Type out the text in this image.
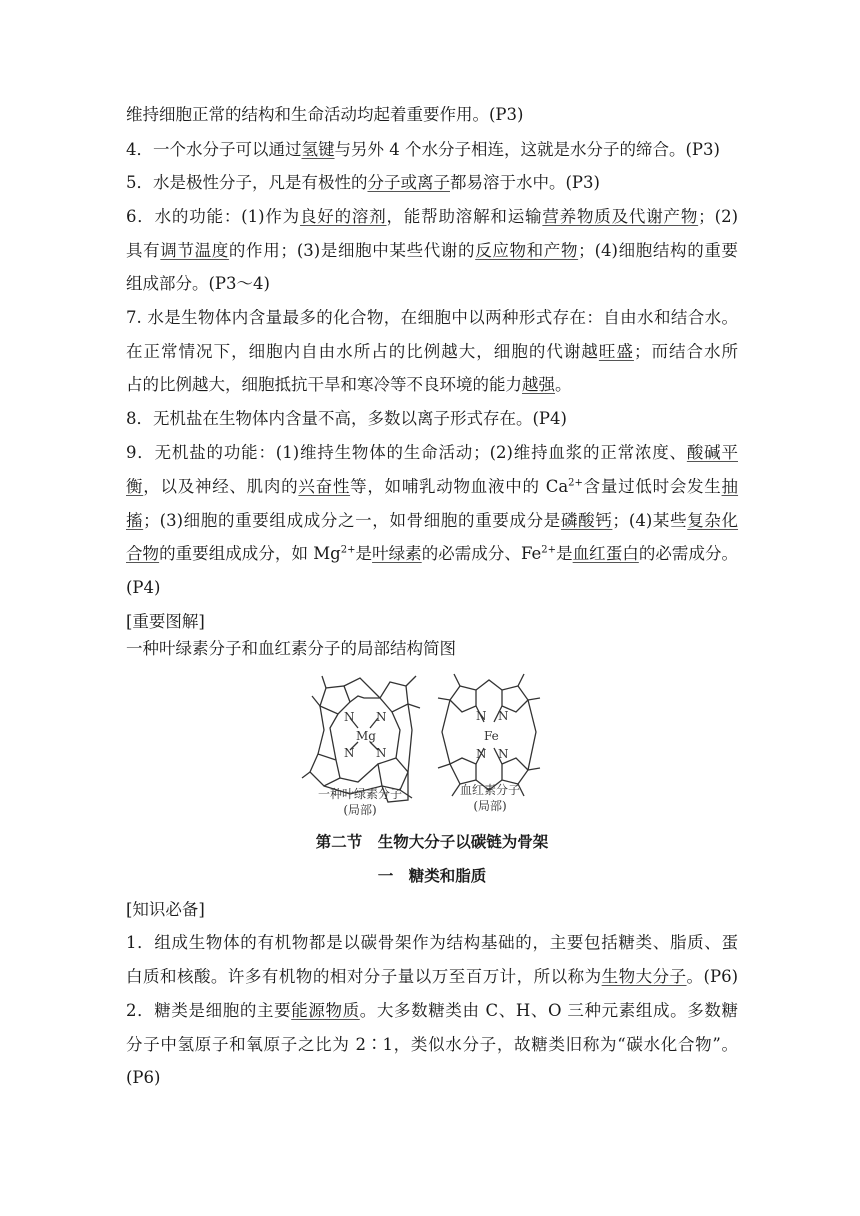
维持细胞正常的结构和生命活动均起着重要作用。(P3)
4．一个水分子可以通过氢键与另外 4 个水分子相连，这就是水分子的缔合。(P3)
5．水是极性分子，凡是有极性的分子或离子都易溶于水中。(P3)
6．水的功能：(1)作为良好的溶剂，能帮助溶解和运输营养物质及代谢产物；(2)
具有调节温度的作用；(3)是细胞中某些代谢的反应物和产物；(4)细胞结构的重要
组成部分。(P3～4)
7. 水是生物体内含量最多的化合物，在细胞中以两种形式存在：自由水和结合水。
在正常情况下，细胞内自由水所占的比例越大，细胞的代谢越旺盛；而结合水所
占的比例越大，细胞抵抗干旱和寒冷等不良环境的能力越强。
8．无机盐在生物体内含量不高，多数以离子形式存在。(P4)
9．无机盐的功能：(1)维持生物体的生命活动；(2)维持血浆的正常浓度、酸碱平
衡，以及神经、肌肉的兴奋性等，如哺乳动物血液中的 $Ca^{2+}$含量过低时会发生抽
搐；(3)细胞的重要组成成分之一，如骨细胞的重要成分是磷酸钙；(4)某些复杂化
合物的重要组成成分，如 $Mg^{2+}$是叶绿素的必需成分、$Fe^{2+}$是血红蛋白的必需成分。
(P4)
[重要图解]
一种叶绿素分子和血红素分子的局部结构简图
N N
N N
Mg
N N
N N
Fe
一种叶绿素分子
(局部)
血红素分子
(局部)
第二节　生物大分子以碳链为骨架
一　糖类和脂质
[知识必备]
1．组成生物体的有机物都是以碳骨架作为结构基础的，主要包括糖类、脂质、蛋
白质和核酸。许多有机物的相对分子量以万至百万计，所以称为生物大分子。(P6)
2．糖类是细胞的主要能源物质。大多数糖类由 C、H、O 三种元素组成。多数糖
分子中氢原子和氧原子之比为 2∶1，类似水分子，故糖类旧称为“碳水化合物”。
(P6)
